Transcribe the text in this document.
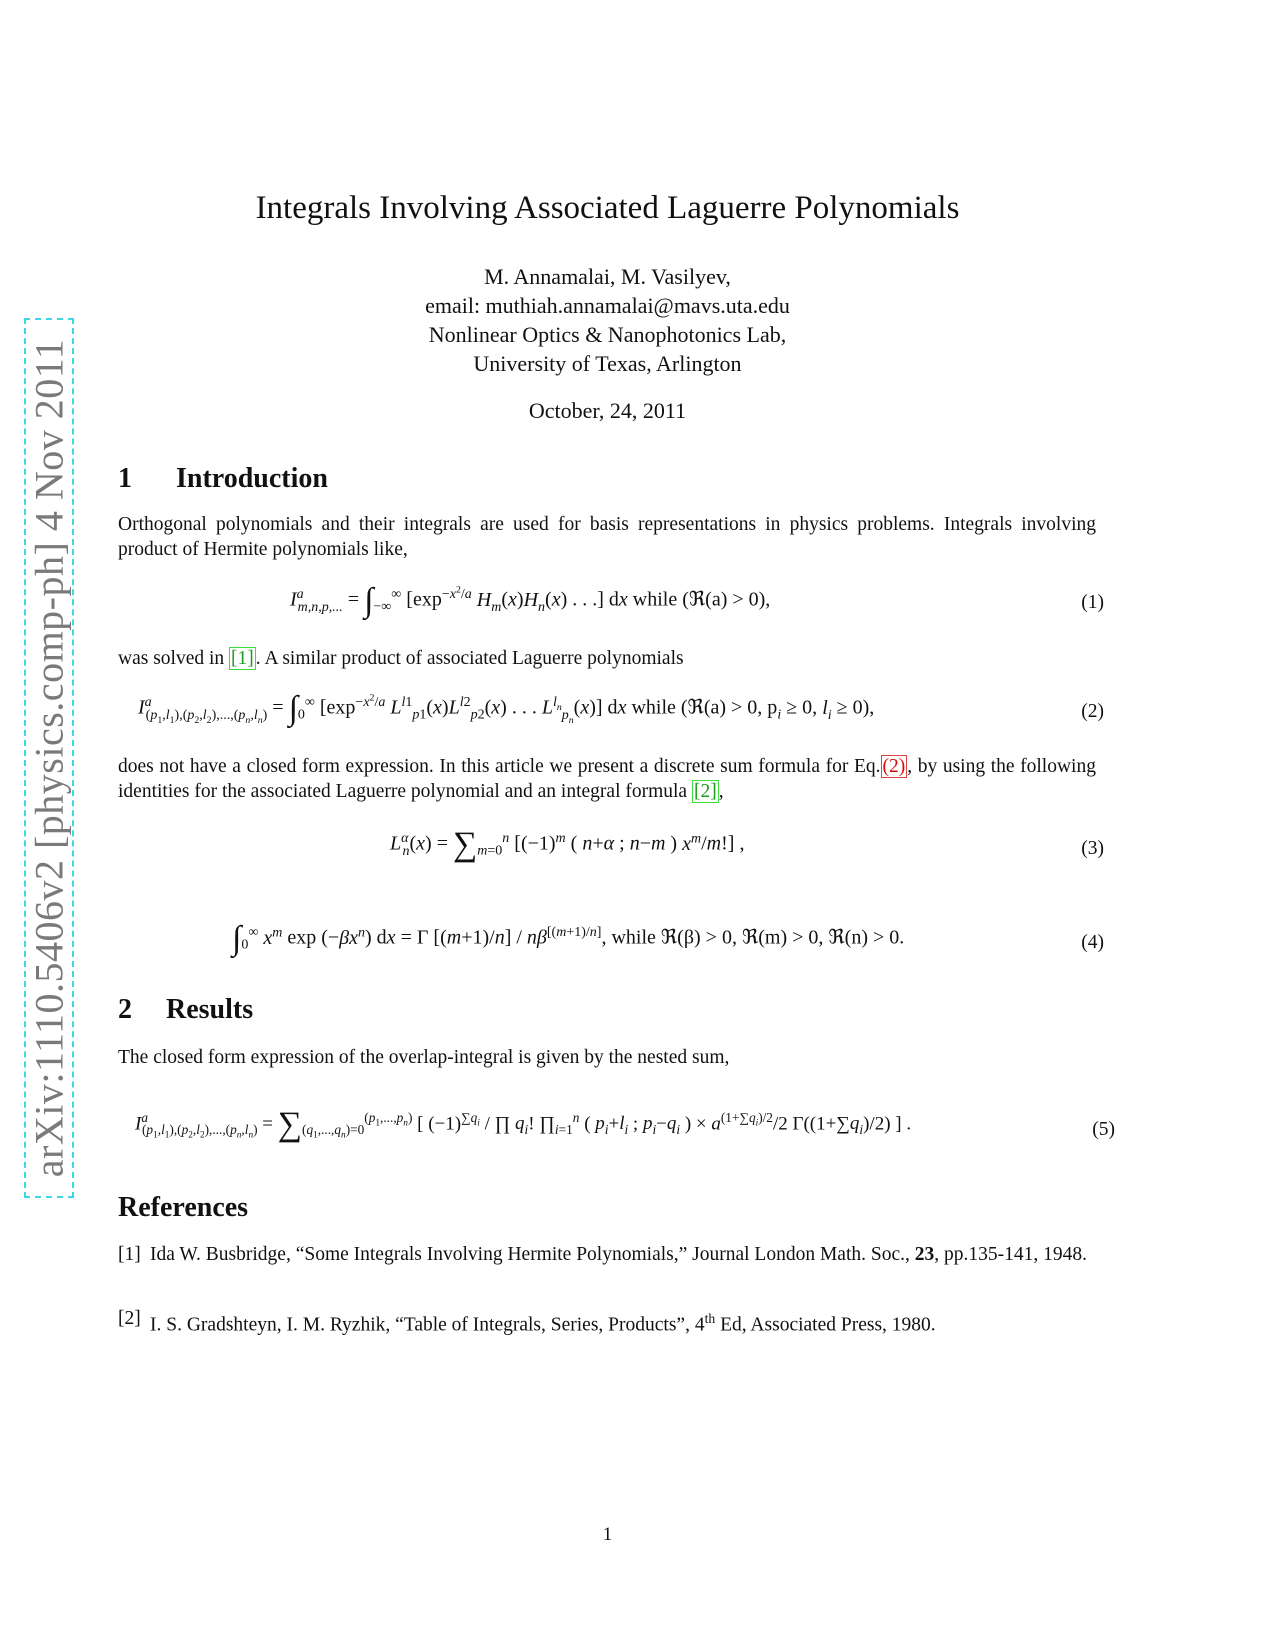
arXiv:1110.5406v2 [physics.comp-ph] 4 Nov 2011
Integrals Involving Associated Laguerre Polynomials
M. Annamalai, M. Vasilyev,
email: muthiah.annamalai@mavs.uta.edu
Nonlinear Optics & Nanophotonics Lab,
University of Texas, Arlington
October, 24, 2011
1 Introduction
Orthogonal polynomials and their integrals are used for basis representations in physics problems. Integrals involving product of Hermite polynomials like,
$I^a_{m,n,p,...} = \int_{-\infty}^\infty$ [$\exp^{-x^2/a}$ $H_m(x)H_n(x)$ . . .] dx while (ℜ(a) > 0),	(1)
was solved in [1] . A similar product of associated Laguerre polynomials
$I^a_{(p_1,l_1),(p_2,l_2),...,(p_n,l_n)} = \int_0^\infty$ [$\exp^{-x^2/a}$ $L^{l1}_{p1}(x)L^{l2}_{p2}(x)$ . . . $L^{l_n}_{p_n}(x)$] dx while (ℜ(a) > 0, $p_i \ge 0$, $l_i \ge 0$),	(2)
does not have a closed form expression. In this article we present a discrete sum formula for Eq. (2) , by using the following identities for the associated Laguerre polynomial and an integral formula [2] ,
$L^\alpha_n(x) = \sum_{m=0}^n$ [$(-1)^m$ ( n+α ; n−m ) $x^m/m$!] ,	(3)
$\int_0^\infty$ $x^m$ $\exp (-\beta x^n)$ dx = Γ [(m+1)/n] / nβ[(m+1)/n], while ℜ(β) > 0, ℜ(m) > 0, ℜ(n) > 0.	(4)
2 Results
The closed form expression of the overlap-integral is given by the nested sum,
$I^a_{(p_1,l_1),(p_2,l_2),...,(p_n,l_n)} = \sum_{(q_1,...,q_n)=0}^{(p_1,...,p_n)}$ [ $(-1)^{\sum q_i}$ / ∏ $q_i$! $\prod_{i=1}^n$ ( $p_i+l_i$ ; $p_i-q_i$ ) × $a^{(1+\sum q_i)/2}/2$ $\Gamma((1+\sum q_i)/2)$ ] .	(5)
References
[1] Ida W. Busbridge, “Some Integrals Involving Hermite Polynomials,” Journal London Math. Soc., 23, pp.135-141, 1948.
[2] I. S. Gradshteyn, I. M. Ryzhik, “Table of Integrals, Series, Products”, 4th Ed, Associated Press, 1980.
1
